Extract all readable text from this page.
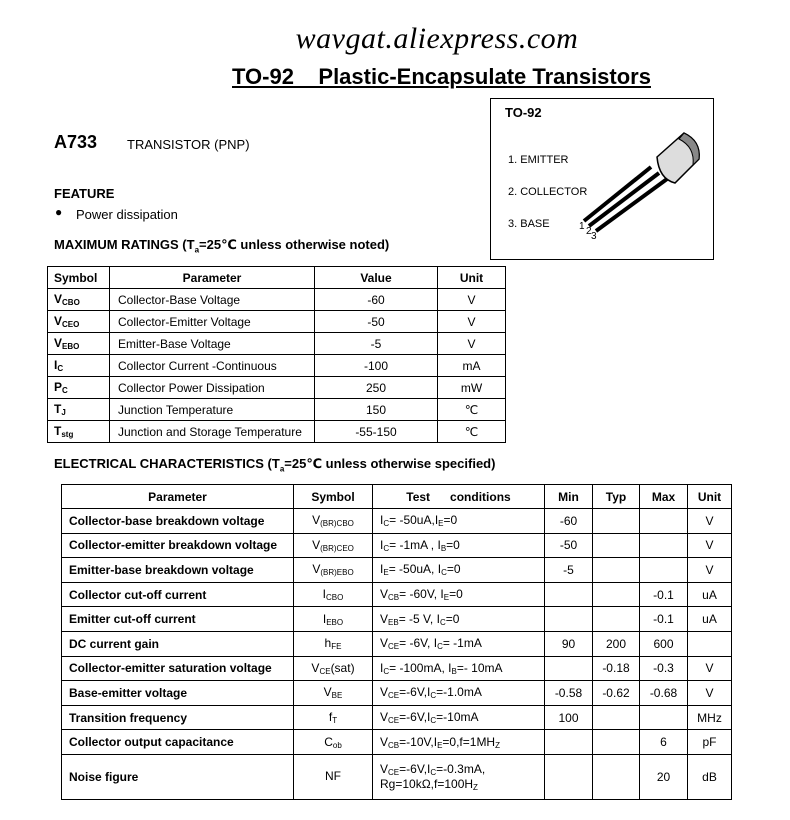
wavgat.aliexpress.com
TO-92    Plastic-Encapsulate Transistors
TO-92
1. EMITTER
2. COLLECTOR
3. BASE	1 2 3
A733 TRANSISTOR (PNP)
FEATURE
● Power dissipation
MAXIMUM RATINGS ($T_a=25℃$ unless otherwise noted)
Symbol	Parameter	Value	Unit
$V_{CBO}$	Collector-Base Voltage	-60	V
$V_{CEO}$	Collector-Emitter Voltage	-50	V
$V_{EBO}$	Emitter-Base Voltage	-5	V
$I_C$	Collector Current -Continuous	-100	mA
$P_C$	Collector Power Dissipation	250	mW
$T_J$	Junction Temperature	150	℃
$T_{stg}$	Junction and Storage Temperature	-55-150	℃
ELECTRICAL CHARACTERISTICS ($T_a=25℃$ unless otherwise specified)
Parameter	Symbol	Test      conditions	Min	Typ	Max	Unit
Collector-base breakdown voltage	$V_{(BR)CBO}$	$I_C= -50uA,I_E=0$	-60			V
Collector-emitter breakdown voltage	$V_{(BR)CEO}$	$I_C= -1mA$ , $I_B=0$	-50			V
Emitter-base breakdown voltage	$V_{(BR)EBO}$	$I_E= -50uA$, $I_C=0$	-5			V
Collector cut-off current	$I_{CBO}$	$V_{CB}= -60V$, $I_E=0$			-0.1	uA
Emitter cut-off current	$I_{EBO}$	$V_{EB}= -5$ V, $I_C=0$			-0.1	uA
DC current gain	$h_{FE}$	$V_{CE}= -6V$, $I_C= -1mA$	90	200	600	
Collector-emitter saturation voltage	$V_{CE}(sat)$	$I_C= -100mA$, $I_B=-$ 10mA		-0.18	-0.3	V
Base-emitter voltage	$V_{BE}$	$V_{CE}=-6V,I_C=-1.0mA$	-0.58	-0.62	-0.68	V
Transition frequency	$f_T$	$V_{CE}=-6V,I_C=-10mA$	100			MHz
Collector output capacitance	$C_{ob}$	$V_{CB}=-10V,I_E=0,f=1MH_Z$			6	pF
Noise figure	NF	$V_{CE}=-6V,I_C=-0.3mA$,
$Rg=10k\Omega,f=100H_Z$			20	dB
